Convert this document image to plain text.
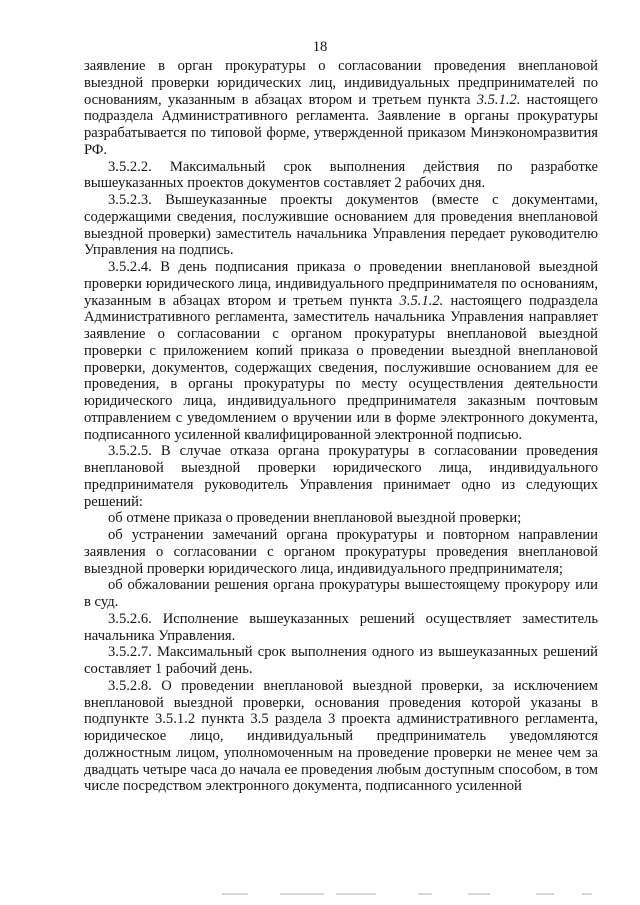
18

заявление в орган прокуратуры о согласовании проведения внеплановой выездной проверки юридических лиц, индивидуальных предпринимателей по основаниям, указанным в абзацах втором и третьем пункта 3.5.1.2. настоящего подраздела Административного регламента. Заявление в органы прокуратуры разрабатывается по типовой форме, утвержденной приказом Минэкономразвития РФ.

3.5.2.2. Максимальный срок выполнения действия по разработке вышеуказанных проектов документов составляет 2 рабочих дня.

3.5.2.3. Вышеуказанные проекты документов (вместе с документами, содержащими сведения, послужившие основанием для проведения внеплановой выездной проверки) заместитель начальника Управления передает руководителю Управления на подпись.

3.5.2.4. В день подписания приказа о проведении внеплановой выездной проверки юридического лица, индивидуального предпринимателя по основаниям, указанным в абзацах втором и третьем пункта 3.5.1.2. настоящего подраздела Административного регламента, заместитель начальника Управления направляет заявление о согласовании с органом прокуратуры внеплановой выездной проверки с приложением копий приказа о проведении выездной внеплановой проверки, документов, содержащих сведения, послужившие основанием для ее проведения, в органы прокуратуры по месту осуществления деятельности юридического лица, индивидуального предпринимателя заказным почтовым отправлением с уведомлением о вручении или в форме электронного документа, подписанного усиленной квалифицированной электронной подписью.

3.5.2.5. В случае отказа органа прокуратуры в согласовании проведения внеплановой выездной проверки юридического лица, индивидуального предпринимателя руководитель Управления принимает одно из следующих решений:

об отмене приказа о проведении внеплановой выездной проверки;

об устранении замечаний органа прокуратуры и повторном направлении заявления о согласовании с органом прокуратуры проведения внеплановой выездной проверки юридического лица, индивидуального предпринимателя;

об обжаловании решения органа прокуратуры вышестоящему прокурору или в суд.

3.5.2.6. Исполнение вышеуказанных решений осуществляет заместитель начальника Управления.

3.5.2.7. Максимальный срок выполнения одного из вышеуказанных решений составляет 1 рабочий день.

3.5.2.8. О проведении внеплановой выездной проверки, за исключением внеплановой выездной проверки, основания проведения которой указаны в подпункте 3.5.1.2 пункта 3.5 раздела 3 проекта административного регламента, юридическое лицо, индивидуальный предприниматель уведомляются должностным лицом, уполномоченным на проведение проверки не менее чем за двадцать четыре часа до начала ее проведения любым доступным способом, в том числе посредством электронного документа, подписанного усиленной
